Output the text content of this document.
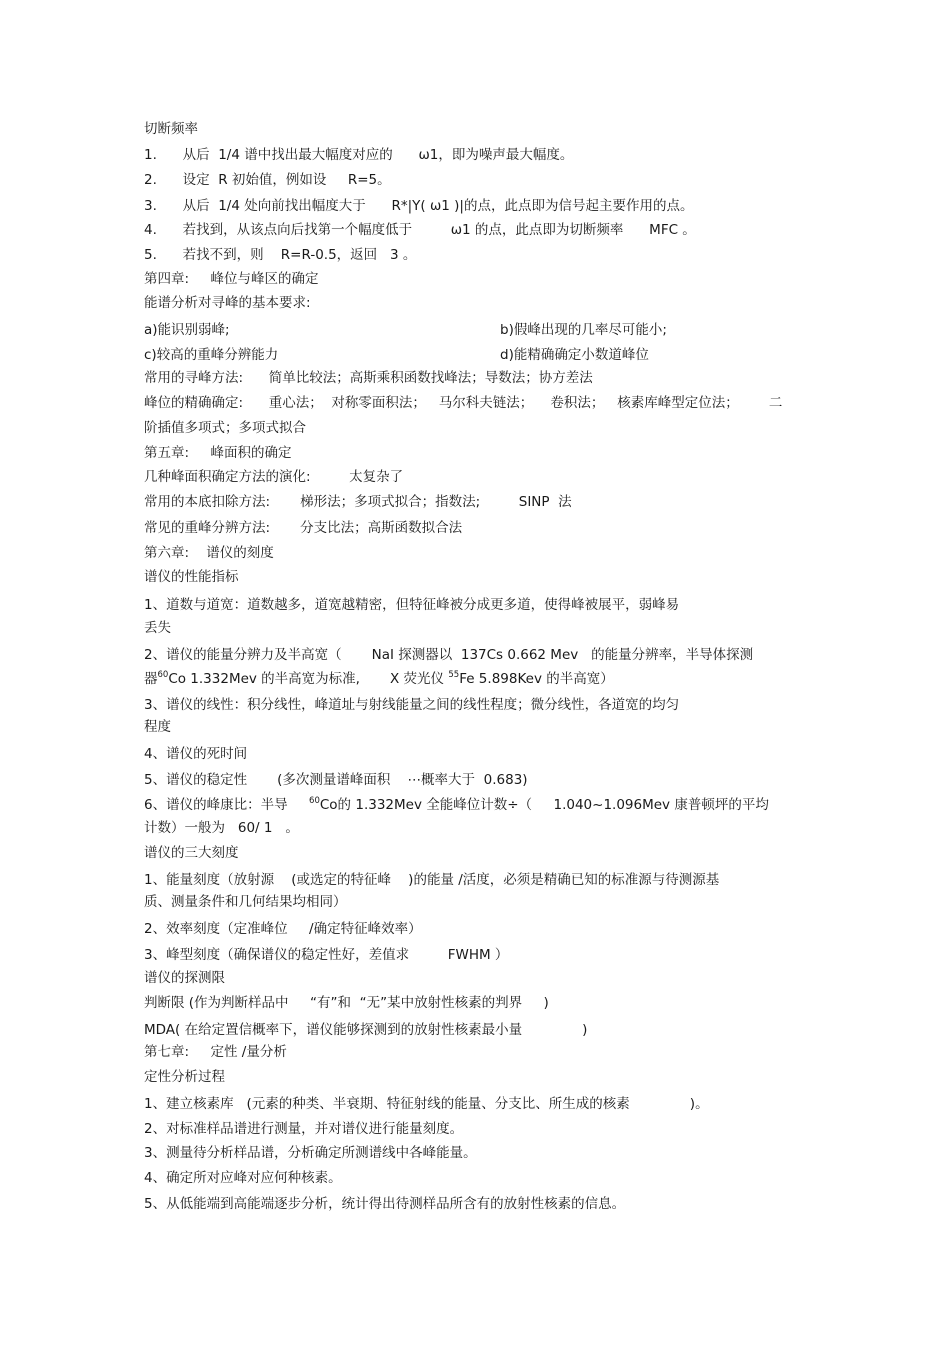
切断频率
1.      从后  1/4 谱中找出最大幅度对应的      ω1，即为噪声最大幅度。
2.      设定  R 初始值，例如设     R=5。
3.      从后  1/4 处向前找出幅度大于      R*|Y( ω1 )|的点，此点即为信号起主要作用的点。
4.      若找到，从该点向后找第一个幅度低于         ω1 的点，此点即为切断频率      MFC 。
5.      若找不到，则    R=R-0.5，返回   3 。
第四章:     峰位与峰区的确定
能谱分析对寻峰的基本要求:
a)能识别弱峰;	b)假峰出现的几率尽可能小;
c)较高的重峰分辨能力	d)能精确确定小数道峰位
常用的寻峰方法:      简单比较法；高斯乘积函数找峰法；导数法；协方差法
峰位的精确确定:      重心法；  对称零面积法；   马尔科夫链法；    卷积法；   核素库峰型定位法；       二
阶插值多项式；多项式拟合
第五章:     峰面积的确定
几种峰面积确定方法的演化:         太复杂了
常用的本底扣除方法:       梯形法；多项式拟合；指数法;         SINP  法
常见的重峰分辨方法:       分支比法；高斯函数拟合法
第六章:    谱仪的刻度
谱仪的性能指标
1、道数与道宽：道数越多，道宽越精密，但特征峰被分成更多道，使得峰被展平，弱峰易
丢失
2、谱仪的能量分辨力及半高宽（       NaI 探测器以  137Cs 0.662 Mev   的能量分辨率，半导体探测
器$^{60}$Co 1.332Mev 的半高宽为标准,       X 荧光仪 $^{55}$Fe 5.898Kev 的半高宽）
3、谱仪的线性：积分线性，峰道址与射线能量之间的线性程度；微分线性，各道宽的均匀
程度
4、谱仪的死时间
5、谱仪的稳定性       (多次测量谱峰面积    ⋯概率大于  0.683)
6、谱仪的峰康比：半导     $^{60}$Co的 1.332Mev 全能峰位计数÷（     1.040~1.096Mev 康普顿坪的平均
计数）一般为   60/ 1   。
谱仪的三大刻度
1、能量刻度（放射源    (或选定的特征峰    )的能量 /活度，必须是精确已知的标准源与待测源基
质、测量条件和几何结果均相同）
2、效率刻度（定准峰位     /确定特征峰效率）
3、峰型刻度（确保谱仪的稳定性好，差值求         FWHM ）
谱仪的探测限
判断限 (作为判断样品中     “有”和  “无”某中放射性核素的判界     )
MDA( 在给定置信概率下，谱仪能够探测到的放射性核素最小量              )
第七章:     定性 /量分析
定性分析过程
1、建立核素库   (元素的种类、半衰期、特征射线的能量、分支比、所生成的核素              )。
2、对标准样品谱进行测量，并对谱仪进行能量刻度。
3、测量待分析样品谱，分析确定所测谱线中各峰能量。
4、确定所对应峰对应何种核素。
5、从低能端到高能端逐步分析，统计得出待测样品所含有的放射性核素的信息。
